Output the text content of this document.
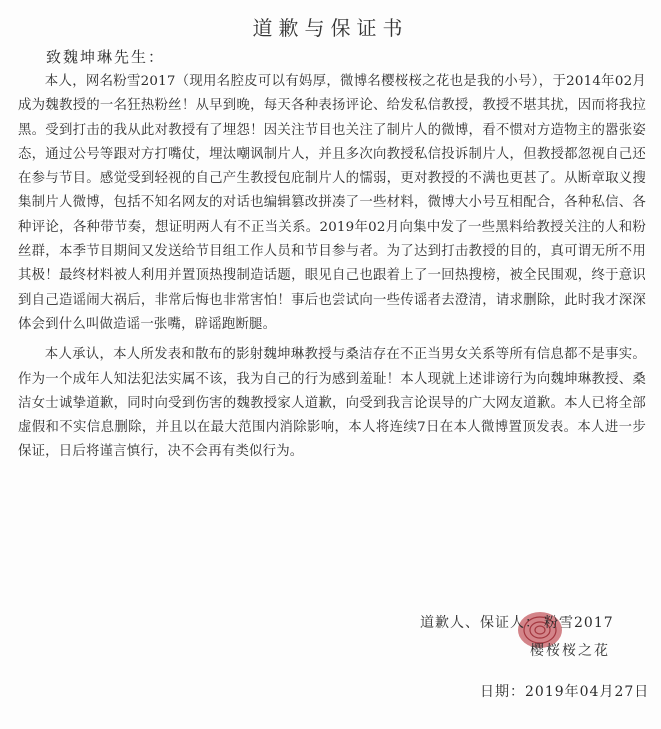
道歉与保证书
致魏坤琳先生：

本人，网名粉雪2017（现用名腔皮可以有妈厚，微博名樱桜桜之花也是我的小号），于2014年02月成为魏教授的一名狂热粉丝！从早到晚，每天各种表扬评论、给发私信教授，教授不堪其扰，因而将我拉黑。受到打击的我从此对教授有了埋怨！因关注节目也关注了制片人的微博，看不惯对方造物主的嚣张姿态，通过公号等跟对方打嘴仗，埋汰嘲讽制片人，并且多次向教授私信投诉制片人，但教授都忽视自己还在参与节目。感觉受到轻视的自己产生教授包庇制片人的懦弱，更对教授的不满也更甚了。从断章取义搜集制片人微博，包括不知名网友的对话也编辑篡改拼凑了一些材料，微博大小号互相配合，各种私信、各种评论，各种带节奏，想证明两人有不正当关系。2019年02月向集中发了一些黑料给教授关注的人和粉丝群，本季节目期间又发送给节目组工作人员和节目参与者。为了达到打击教授的目的，真可谓无所不用其极！最终材料被人利用并置顶热搜制造话题，眼见自己也跟着上了一回热搜榜，被全民围观，终于意识到自己造谣闹大祸后，非常后悔也非常害怕！事后也尝试向一些传谣者去澄清，请求删除，此时我才深深体会到什么叫做造谣一张嘴，辟谣跑断腿。

本人承认，本人所发表和散布的影射魏坤琳教授与桑洁存在不正当男女关系等所有信息都不是事实。作为一个成年人知法犯法实属不该，我为自己的行为感到羞耻！本人现就上述诽谤行为向魏坤琳教授、桑洁女士诚挚道歉，同时向受到伤害的魏教授家人道歉，向受到我言论误导的广大网友道歉。本人已将全部虚假和不实信息删除，并且以在最大范围内消除影响，本人将连续7日在本人微博置顶发表。本人进一步保证，日后将谨言慎行，决不会再有类似行为。

道歉人、保证人： 粉雪2017
樱桜桜之花
日期：2019年04月27日
